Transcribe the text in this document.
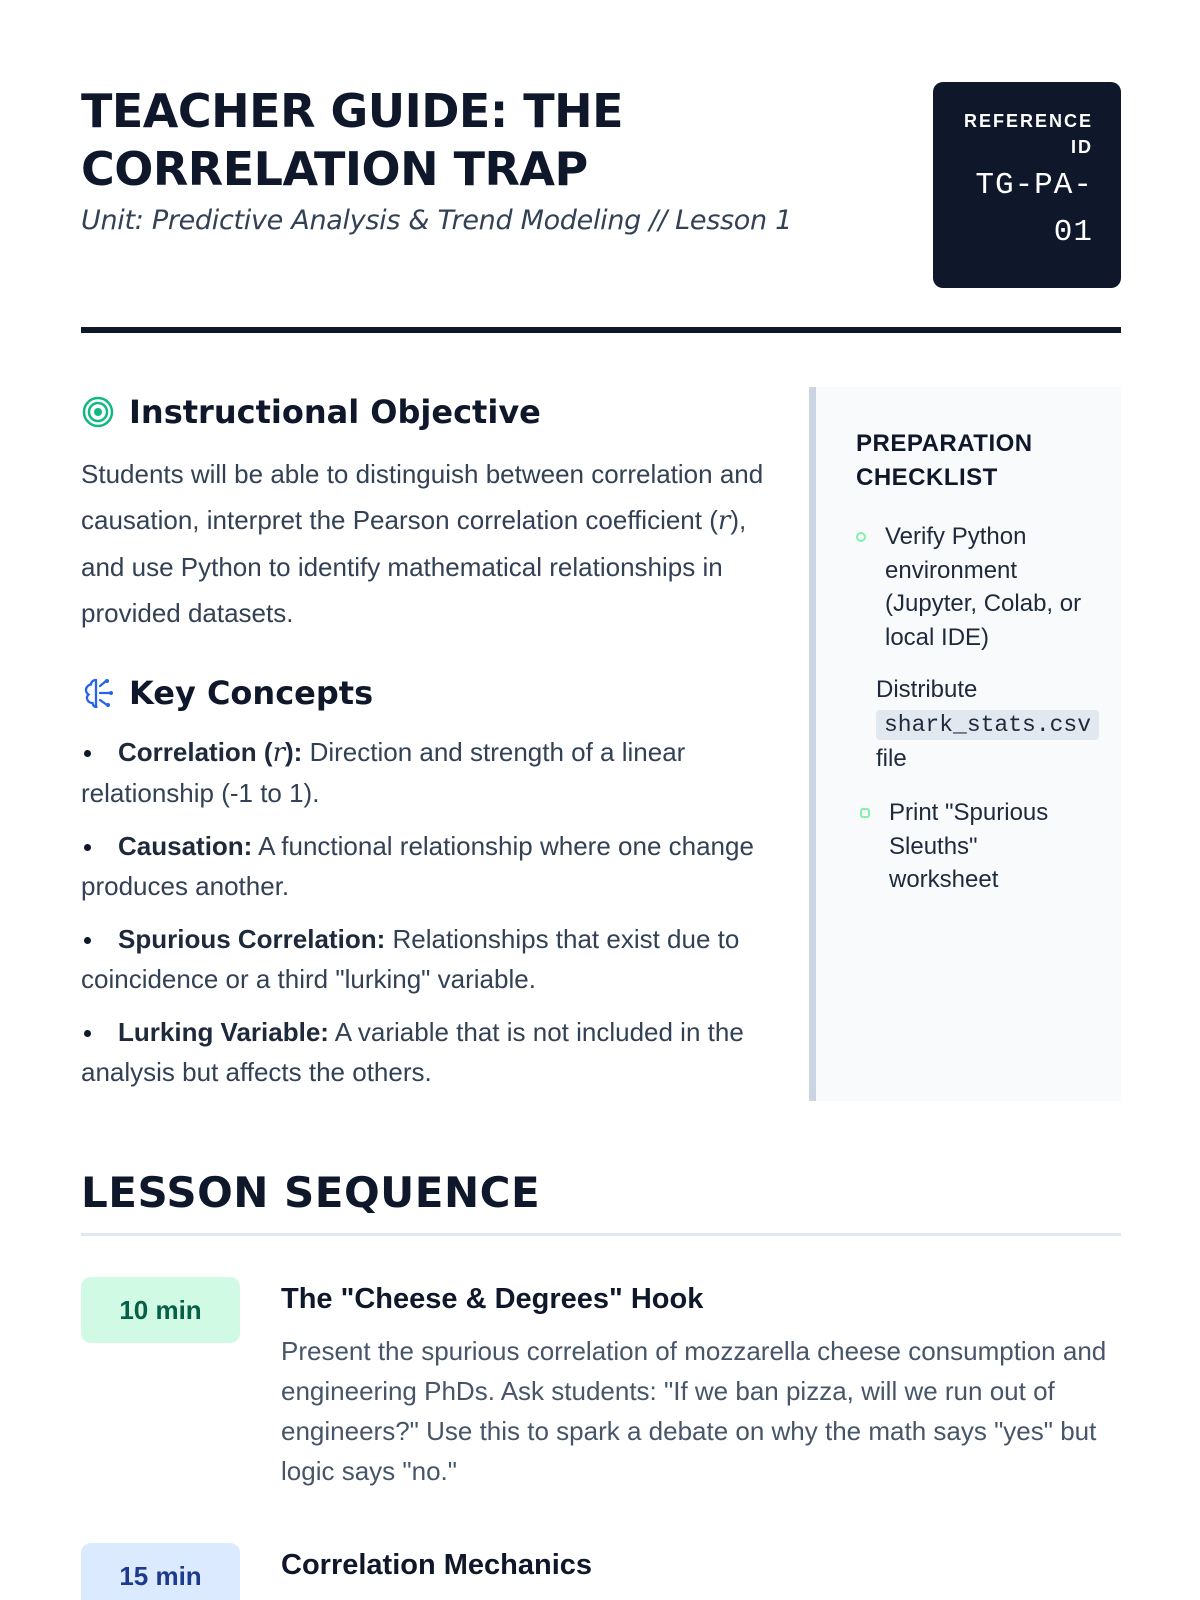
TEACHER GUIDE: THE CORRELATION TRAP
Unit: Predictive Analysis & Trend Modeling // Lesson 1
REFERENCE ID
TG-PA-01
Instructional Objective

Students will be able to distinguish between correlation and causation, interpret the Pearson correlation coefficient (r), and use Python to identify mathematical relationships in provided datasets.

Key Concepts
Correlation (r): Direction and strength of a linear relationship (-1 to 1).
Causation: A functional relationship where one change produces another.
Spurious Correlation: Relationships that exist due to coincidence or a third "lurking" variable.
Lurking Variable: A variable that is not included in the analysis but affects the others.
PREPARATION CHECKLIST
Verify Python environment (Jupyter, Colab, or local IDE)
Distribute shark_stats.csv file
Print "Spurious Sleuths" worksheet
LESSON SEQUENCE
10 min	The "Cheese & Degrees" Hook
Present the spurious correlation of mozzarella cheese consumption and engineering PhDs. Ask students: "If we ban pizza, will we run out of engineers?" Use this to spark a debate on why the math says "yes" but logic says "no."
15 min	Correlation Mechanics
